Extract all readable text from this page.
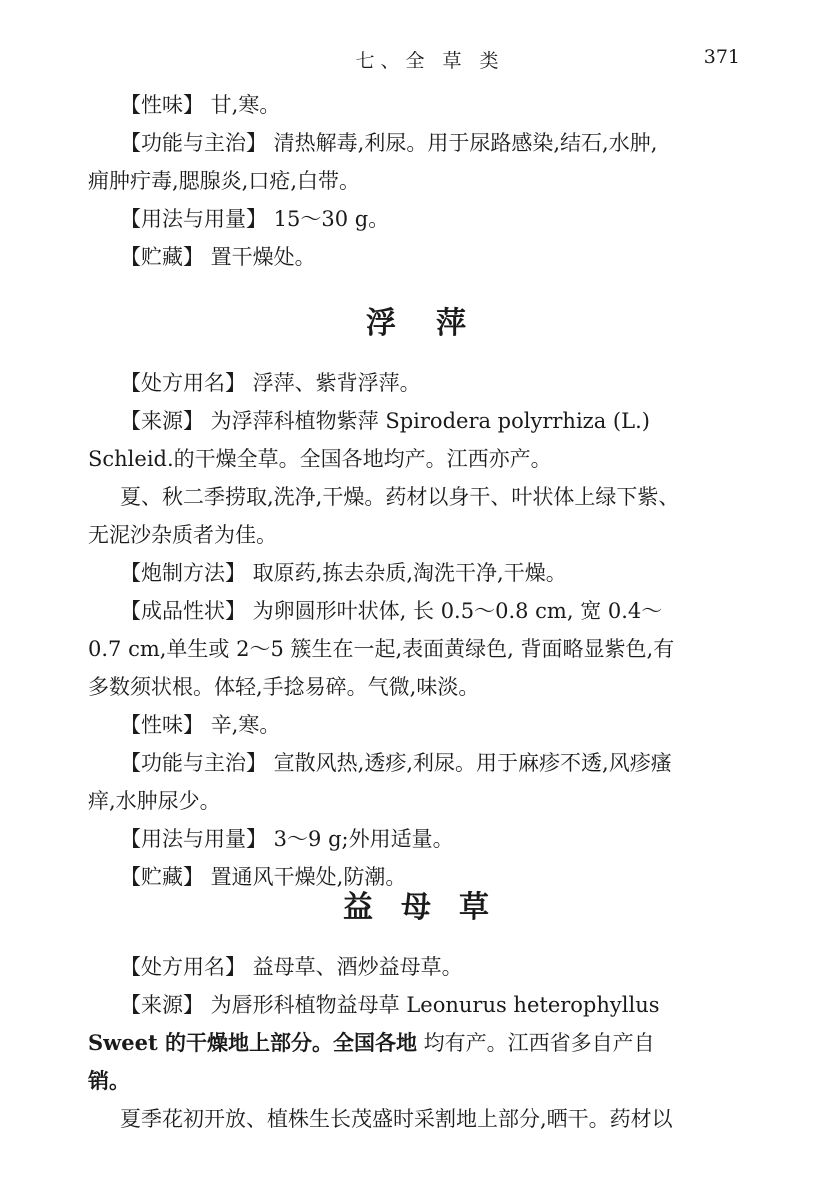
七、全 草 类	371

【性味】 甘,寒。

【功能与主治】 清热解毒,利尿。用于尿路感染,结石,水肿,

痈肿疔毒,腮腺炎,口疮,白带。

【用法与用量】 15～30 g。

【贮藏】 置干燥处。

浮萍

【处方用名】 浮萍、紫背浮萍。

【来源】 为浮萍科植物紫萍 Spirodera polyrrhiza (L.)

Schleid.的干燥全草。全国各地均产。江西亦产。

夏、秋二季捞取,洗净,干燥。药材以身干、叶状体上绿下紫、

无泥沙杂质者为佳。

【炮制方法】 取原药,拣去杂质,淘洗干净,干燥。

【成品性状】 为卵圆形叶状体, 长 0.5～0.8 cm, 宽 0.4～

0.7 cm,单生或 2～5 簇生在一起,表面黄绿色, 背面略显紫色,有

多数须状根。体轻,手捻易碎。气微,味淡。

【性味】 辛,寒。

【功能与主治】 宣散风热,透疹,利尿。用于麻疹不透,风疹瘙

痒,水肿尿少。

【用法与用量】 3～9 g;外用适量。

【贮藏】 置通风干燥处,防潮。

益母草

【处方用名】 益母草、酒炒益母草。

【来源】 为唇形科植物益母草 Leonurus heterophyllus

Sweet 的干燥地上部分。全国各地 均有产。江西省多自产自

销。

夏季花初开放、植株生长茂盛时采割地上部分,晒干。药材以
